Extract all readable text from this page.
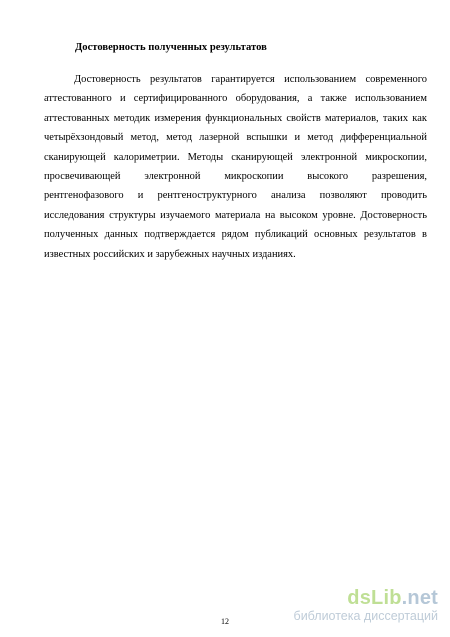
Достоверность полученных результатов
Достоверность результатов гарантируется использованием современного
аттестованного и сертифицированного оборудования, а также использованием
аттестованных методик измерения функциональных свойств материалов, таких как
четырёхзондовый метод, метод лазерной вспышки и метод дифференциальной
сканирующей калориметрии. Методы сканирующей электронной микроскопии,
просвечивающей электронной микроскопии высокого разрешения,
рентгенофазового и рентгеноструктурного анализа позволяют проводить
исследования структуры изучаемого материала на высоком уровне. Достоверность
полученных данных подтверждается рядом публикаций основных результатов в
известных российских и зарубежных научных изданиях.
dsLib.net
библиотека диссертаций
12
